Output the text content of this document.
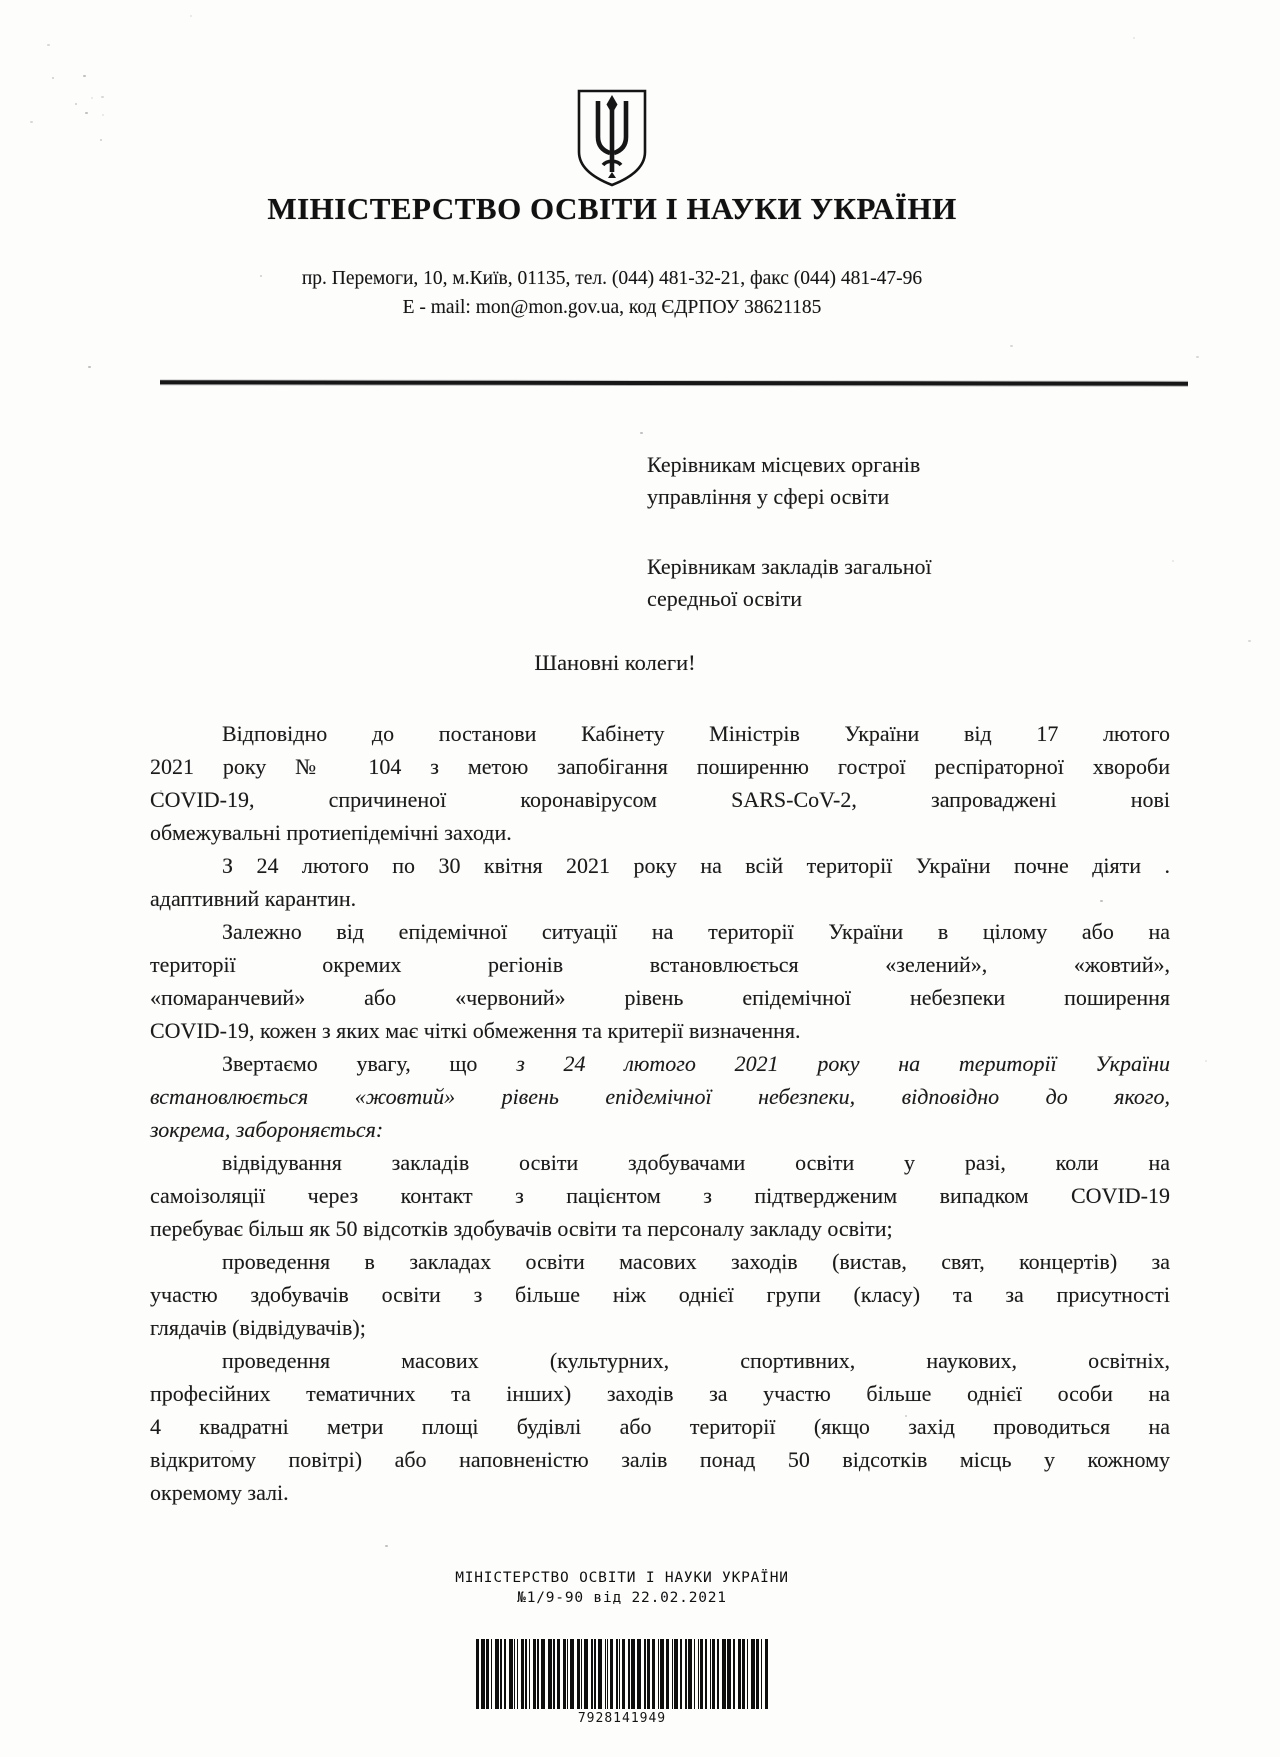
МІНІСТЕРСТВО ОСВІТИ І НАУКИ УКРАЇНИ
пр. Перемоги, 10, м.Київ, 01135, тел. (044) 481-32-21, факс (044) 481-47-96
E - mail: mon@mon.gov.ua, код ЄДРПОУ 38621185
Керівникам місцевих органів
управління у сфері освіти
Керівникам закладів загальної
середньої освіти
Шановні колеги!
Відповідно до постанови Кабінету Міністрів України від 17 лютого
2021 року № 104 з метою запобігання поширенню гострої респіраторної хвороби
COVID-19, спричиненої коронавірусом SARS-CoV-2, запроваджені нові
обмежувальні протиепідемічні заходи.
З 24 лютого по 30 квітня 2021 року на всій території України почне діяти .
адаптивний карантин.
Залежно від епідемічної ситуації на території України в цілому або на
території окремих регіонів встановлюється «зелений», «жовтий»,
«помаранчевий» або «червоний» рівень епідемічної небезпеки поширення
COVID-19, кожен з яких має чіткі обмеження та критерії визначення.
Звертаємо увагу, що з 24 лютого 2021 року на території України
встановлюється «жовтий» рівень епідемічної небезпеки, відповідно до якого,
зокрема, забороняється:
відвідування закладів освіти здобувачами освіти у разі, коли на
самоізоляції через контакт з пацієнтом з підтвердженим випадком COVID-19
перебуває більш як 50 відсотків здобувачів освіти та персоналу закладу освіти;
проведення в закладах освіти масових заходів (вистав, свят, концертів) за
участю здобувачів освіти з більше ніж однієї групи (класу) та за присутності
глядачів (відвідувачів);
проведення масових (культурних, спортивних, наукових, освітніх,
професійних тематичних та інших) заходів за участю більше однієї особи на
4 квадратні метри площі будівлі або території (якщо захід проводиться на
відкритому повітрі) або наповненістю залів понад 50 відсотків місць у кожному
окремому залі.
МІНІСТЕРСТВО ОСВІТИ І НАУКИ УКРАЇНИ
№1/9-90 від 22.02.2021

7928141949
